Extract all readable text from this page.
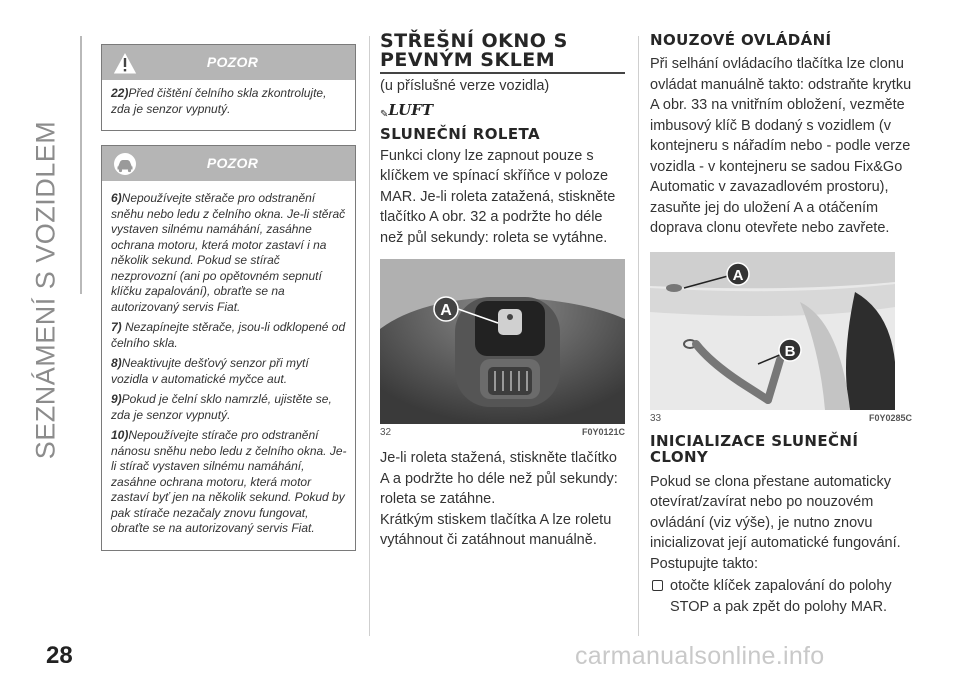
SEZNÁMENÍ S VOZIDLEM
28
POZOR

22)Před čištění čelního skla zkontrolujte, zda je senzor vypnutý.

POZOR

6)Nepoužívejte stěrače pro odstranění sněhu nebo ledu z čelního okna. Je-li stěrač vystaven silnému namáhání, zasáhne ochrana motoru, která motor zastaví i na několik sekund. Pokud se stírač nezprovozní (ani po opětovném sepnutí klíčku zapalování), obraťte se na autorizovaný servis Fiat.

7) Nezapínejte stěrače, jsou-li odklopené od čelního skla.

8)Neaktivujte dešťový senzor při mytí vozidla v automatické myčce aut.

9)Pokud je čelní sklo namrzlé, ujistěte se, zda je senzor vypnutý.

10)Nepoužívejte stírače pro odstranění nánosu sněhu nebo ledu z čelního okna. Je-li stírač vystaven silnému namáhání, zasáhne ochrana motoru, která motor zastaví byť jen na několik sekund. Pokud by pak stírače nezačaly znovu fungovat, obraťte se na autorizovaný servis Fiat.

STŘEŠNÍ OKNO S
PEVNÝM SKLEM
(u příslušné verze vozidla)
✎LUFT
SLUNEČNÍ ROLETA
Funkci clony lze zapnout pouze s klíčkem ve spínací skříňce v poloze MAR. Je-li roleta zatažená, stiskněte tlačítko A obr. 32 a podržte ho déle než půl sekundy: roleta se vytáhne.
A
32	F0Y0121C
Je-li roleta stažená, stiskněte tlačítko A a podržte ho déle než půl sekundy: roleta se zatáhne.
Krátkým stiskem tlačítka A lze roletu vytáhnout či zatáhnout manuálně.
NOUZOVÉ OVLÁDÁNÍ
Při selhání ovládacího tlačítka lze clonu ovládat manuálně takto: odstraňte krytku A obr. 33 na vnitřním obložení, vezměte imbusový klíč B dodaný s vozidlem (v kontejneru s nářadím nebo - podle verze vozidla - v kontejneru se sadou Fix&Go Automatic v zavazadlovém prostoru), zasuňte jej do uložení A a otáčením doprava clonu otevřete nebo zavřete.
A
B
33	F0Y0285C
INICIALIZACE SLUNEČNÍ
CLONY
Pokud se clona přestane automaticky otevírat/zavírat nebo po nouzovém ovládání (viz výše), je nutno znovu inicializovat její automatické fungování. Postupujte takto:
otočte klíček zapalování do polohy STOP a pak zpět do polohy MAR.
carmanualsonline.info
